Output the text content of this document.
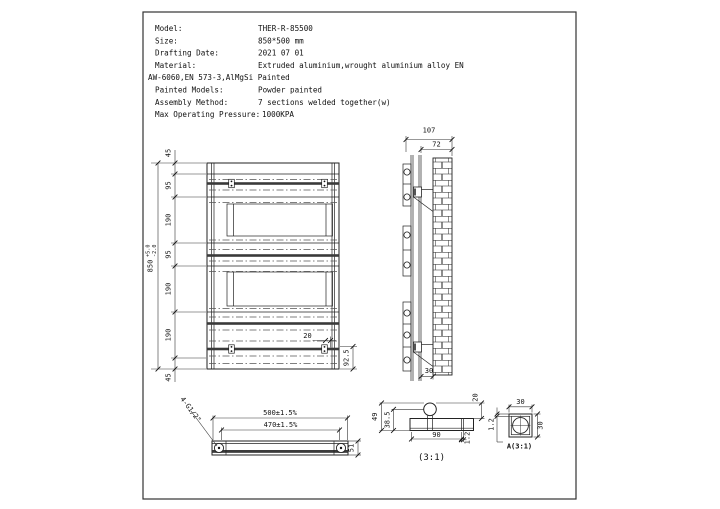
Model:	THER-R-85500
Size:	850*500 mm
Drafting Date:	2021 07 01
Material:	Extruded aluminium,wrought aluminium alloy EN
AW-6060,EN 573-3,AlMgSi Painted
Painted Models:	Powder painted
Assembly Method:	7 sections welded together(w)
Max Operating Pressure: 1000KPA
45
95
190
95
190
190
45
850
+5.0 -2.0
20
92.5
107
72
30
500±1.5%
470±1.5%
51
4-G1/2"	49 38.5
90	1.2
20
(3:1)
30
30
1.2
A(3:1)
